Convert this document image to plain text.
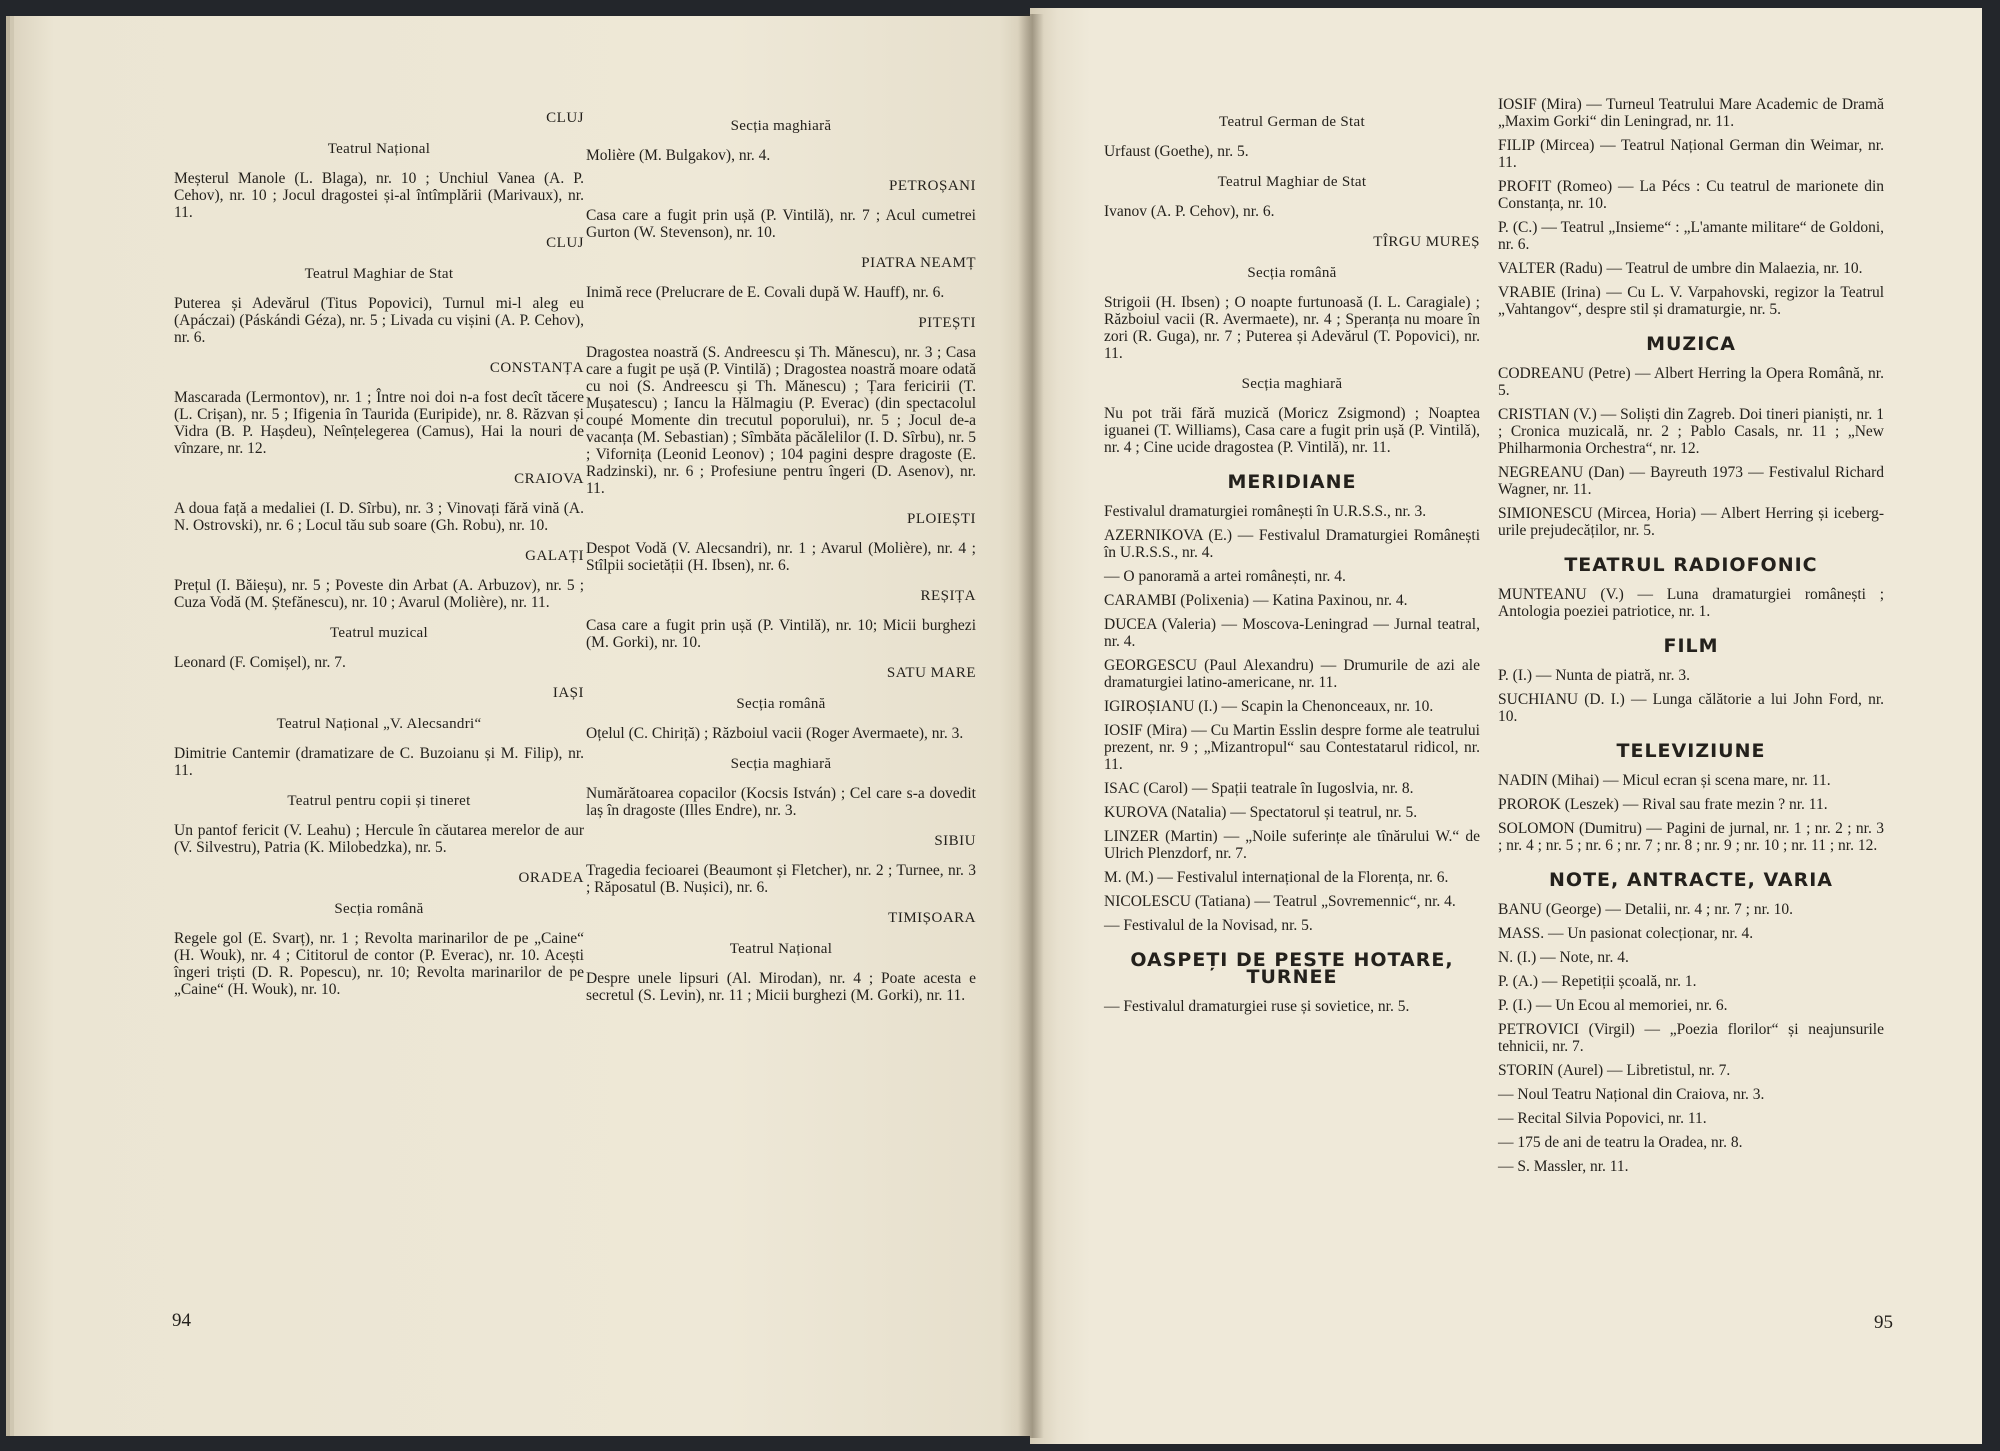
CLUJ
Teatrul Național
Meșterul Manole (L. Blaga), nr. 10 ; Unchiul Vanea (A. P. Cehov), nr. 10 ; Jocul dragostei și-al întîmplării (Marivaux), nr. 11.
CLUJ
Teatrul Maghiar de Stat
Puterea și Adevărul (Titus Popovici), Turnul mi-l aleg eu (Apáczai) (Páskándi Géza), nr. 5 ; Livada cu vișini (A. P. Cehov), nr. 6.
CONSTANȚA
Mascarada (Lermontov), nr. 1 ; Între noi doi n-a fost decît tăcere (L. Crișan), nr. 5 ; Ifigenia în Taurida (Euripide), nr. 8. Răzvan și Vidra (B. P. Hașdeu), Neînțelegerea (Camus), Hai la nouri de vînzare, nr. 12.
CRAIOVA
A doua față a medaliei (I. D. Sîrbu), nr. 3 ; Vinovați fără vină (A. N. Ostrovski), nr. 6 ; Locul tău sub soare (Gh. Robu), nr. 10.
GALAȚI
Prețul (I. Băieșu), nr. 5 ; Poveste din Arbat (A. Arbuzov), nr. 5 ; Cuza Vodă (M. Ștefănescu), nr. 10 ; Avarul (Molière), nr. 11.
Teatrul muzical
Leonard (F. Comișel), nr. 7.
IAȘI
Teatrul Național „V. Alecsandri“
Dimitrie Cantemir (dramatizare de C. Buzoianu și M. Filip), nr. 11.
Teatrul pentru copii și tineret
Un pantof fericit (V. Leahu) ; Hercule în căutarea merelor de aur (V. Silvestru), Patria (K. Milobedzka), nr. 5.
ORADEA
Secția română
Regele gol (E. Svarț), nr. 1 ; Revolta marinarilor de pe „Caine“ (H. Wouk), nr. 4 ; Cititorul de contor (P. Everac), nr. 10. Acești îngeri triști (D. R. Popescu), nr. 10; Revolta marinarilor de pe „Caine“ (H. Wouk), nr. 10.
Secția maghiară
Molière (M. Bulgakov), nr. 4.
PETROȘANI
Casa care a fugit prin ușă (P. Vintilă), nr. 7 ; Acul cumetrei Gurton (W. Stevenson), nr. 10.
PIATRA NEAMȚ
Inimă rece (Prelucrare de E. Covali după W. Hauff), nr. 6.
PITEȘTI
Dragostea noastră (S. Andreescu și Th. Mănescu), nr. 3 ; Casa care a fugit pe ușă (P. Vintilă) ; Dragostea noastră moare odată cu noi (S. Andreescu și Th. Mănescu) ; Țara fericirii (T. Mușatescu) ; Iancu la Hălmagiu (P. Everac) (din spectacolul coupé Momente din trecutul poporului), nr. 5 ; Jocul de-a vacanța (M. Sebastian) ; Sîmbăta păcălelilor (I. D. Sîrbu), nr. 5 ; Vifornița (Leonid Leonov) ; 104 pagini despre dragoste (E. Radzinski), nr. 6 ; Profesiune pentru îngeri (D. Asenov), nr. 11.
PLOIEȘTI
Despot Vodă (V. Alecsandri), nr. 1 ; Avarul (Molière), nr. 4 ; Stîlpii societății (H. Ibsen), nr. 6.
REȘIȚA
Casa care a fugit prin ușă (P. Vintilă), nr. 10; Micii burghezi (M. Gorki), nr. 10.
SATU MARE
Secția română
Oțelul (C. Chiriță) ; Războiul vacii (Roger Avermaete), nr. 3.
Secția maghiară
Numărătoarea copacilor (Kocsis István) ; Cel care s-a dovedit laș în dragoste (Illes Endre), nr. 3.
SIBIU
Tragedia fecioarei (Beaumont și Fletcher), nr. 2 ; Turnee, nr. 3 ; Răposatul (B. Nușici), nr. 6.
TIMIȘOARA
Teatrul Național
Despre unele lipsuri (Al. Mirodan), nr. 4 ; Poate acesta e secretul (S. Levin), nr. 11 ; Micii burghezi (M. Gorki), nr. 11.
Teatrul German de Stat
Urfaust (Goethe), nr. 5.
Teatrul Maghiar de Stat
Ivanov (A. P. Cehov), nr. 6.
TÎRGU MUREȘ
Secția română
Strigoii (H. Ibsen) ; O noapte furtunoasă (I. L. Caragiale) ; Războiul vacii (R. Avermaete), nr. 4 ; Speranța nu moare în zori (R. Guga), nr. 7 ; Puterea și Adevărul (T. Popovici), nr. 11.
Secția maghiară
Nu pot trăi fără muzică (Moricz Zsigmond) ; Noaptea iguanei (T. Williams), Casa care a fugit prin ușă (P. Vintilă), nr. 4 ; Cine ucide dragostea (P. Vintilă), nr. 11.
MERIDIANE
Festivalul dramaturgiei românești în U.R.S.S., nr. 3.
AZERNIKOVA (E.) — Festivalul Dramaturgiei Românești în U.R.S.S., nr. 4.
— O panoramă a artei românești, nr. 4.
CARAMBI (Polixenia) — Katina Paxinou, nr. 4.
DUCEA (Valeria) — Moscova-Leningrad — Jurnal teatral, nr. 4.
GEORGESCU (Paul Alexandru) — Drumurile de azi ale dramaturgiei latino-americane, nr. 11.
IGIROȘIANU (I.) — Scapin la Chenonceaux, nr. 10.
IOSIF (Mira) — Cu Martin Esslin despre forme ale teatrului prezent, nr. 9 ; „Mizantropul“ sau Contestatarul ridicol, nr. 11.
ISAC (Carol) — Spații teatrale în Iugoslvia, nr. 8.
KUROVA (Natalia) — Spectatorul și teatrul, nr. 5.
LINZER (Martin) — „Noile suferințe ale tînărului W.“ de Ulrich Plenzdorf, nr. 7.
M. (M.) — Festivalul internațional de la Florența, nr. 6.
NICOLESCU (Tatiana) — Teatrul „Sovremennic“, nr. 4.
— Festivalul de la Novisad, nr. 5.
OASPEȚI DE PESTE HOTARE, TURNEE
— Festivalul dramaturgiei ruse și sovietice, nr. 5.
IOSIF (Mira) — Turneul Teatrului Mare Academic de Dramă „Maxim Gorki“ din Leningrad, nr. 11.
FILIP (Mircea) — Teatrul Național German din Weimar, nr. 11.
PROFIT (Romeo) — La Pécs : Cu teatrul de marionete din Constanța, nr. 10.
P. (C.) — Teatrul „Insieme“ : „L'amante militare“ de Goldoni, nr. 6.
VALTER (Radu) — Teatrul de umbre din Malaezia, nr. 10.
VRABIE (Irina) — Cu L. V. Varpahovski, regizor la Teatrul „Vahtangov“, despre stil și dramaturgie, nr. 5.
MUZICA
CODREANU (Petre) — Albert Herring la Opera Română, nr. 5.
CRISTIAN (V.) — Soliști din Zagreb. Doi tineri pianiști, nr. 1 ; Cronica muzicală, nr. 2 ; Pablo Casals, nr. 11 ; „New Philharmonia Orchestra“, nr. 12.
NEGREANU (Dan) — Bayreuth 1973 — Festivalul Richard Wagner, nr. 11.
SIMIONESCU (Mircea, Horia) — Albert Herring și iceberg-urile prejudecăților, nr. 5.
TEATRUL RADIOFONIC
MUNTEANU (V.) — Luna dramaturgiei românești ; Antologia poeziei patriotice, nr. 1.
FILM
P. (I.) — Nunta de piatră, nr. 3.
SUCHIANU (D. I.) — Lunga călătorie a lui John Ford, nr. 10.
TELEVIZIUNE
NADIN (Mihai) — Micul ecran și scena mare, nr. 11.
PROROK (Leszek) — Rival sau frate mezin ? nr. 11.
SOLOMON (Dumitru) — Pagini de jurnal, nr. 1 ; nr. 2 ; nr. 3 ; nr. 4 ; nr. 5 ; nr. 6 ; nr. 7 ; nr. 8 ; nr. 9 ; nr. 10 ; nr. 11 ; nr. 12.
NOTE, ANTRACTE, VARIA
BANU (George) — Detalii, nr. 4 ; nr. 7 ; nr. 10.
MASS. — Un pasionat colecționar, nr. 4.
N. (I.) — Note, nr. 4.
P. (A.) — Repetiții școală, nr. 1.
P. (I.) — Un Ecou al memoriei, nr. 6.
PETROVICI (Virgil) — „Poezia florilor“ și neajunsurile tehnicii, nr. 7.
STORIN (Aurel) — Libretistul, nr. 7.
— Noul Teatru Național din Craiova, nr. 3.
— Recital Silvia Popovici, nr. 11.
— 175 de ani de teatru la Oradea, nr. 8.
— S. Massler, nr. 11.
94	95
